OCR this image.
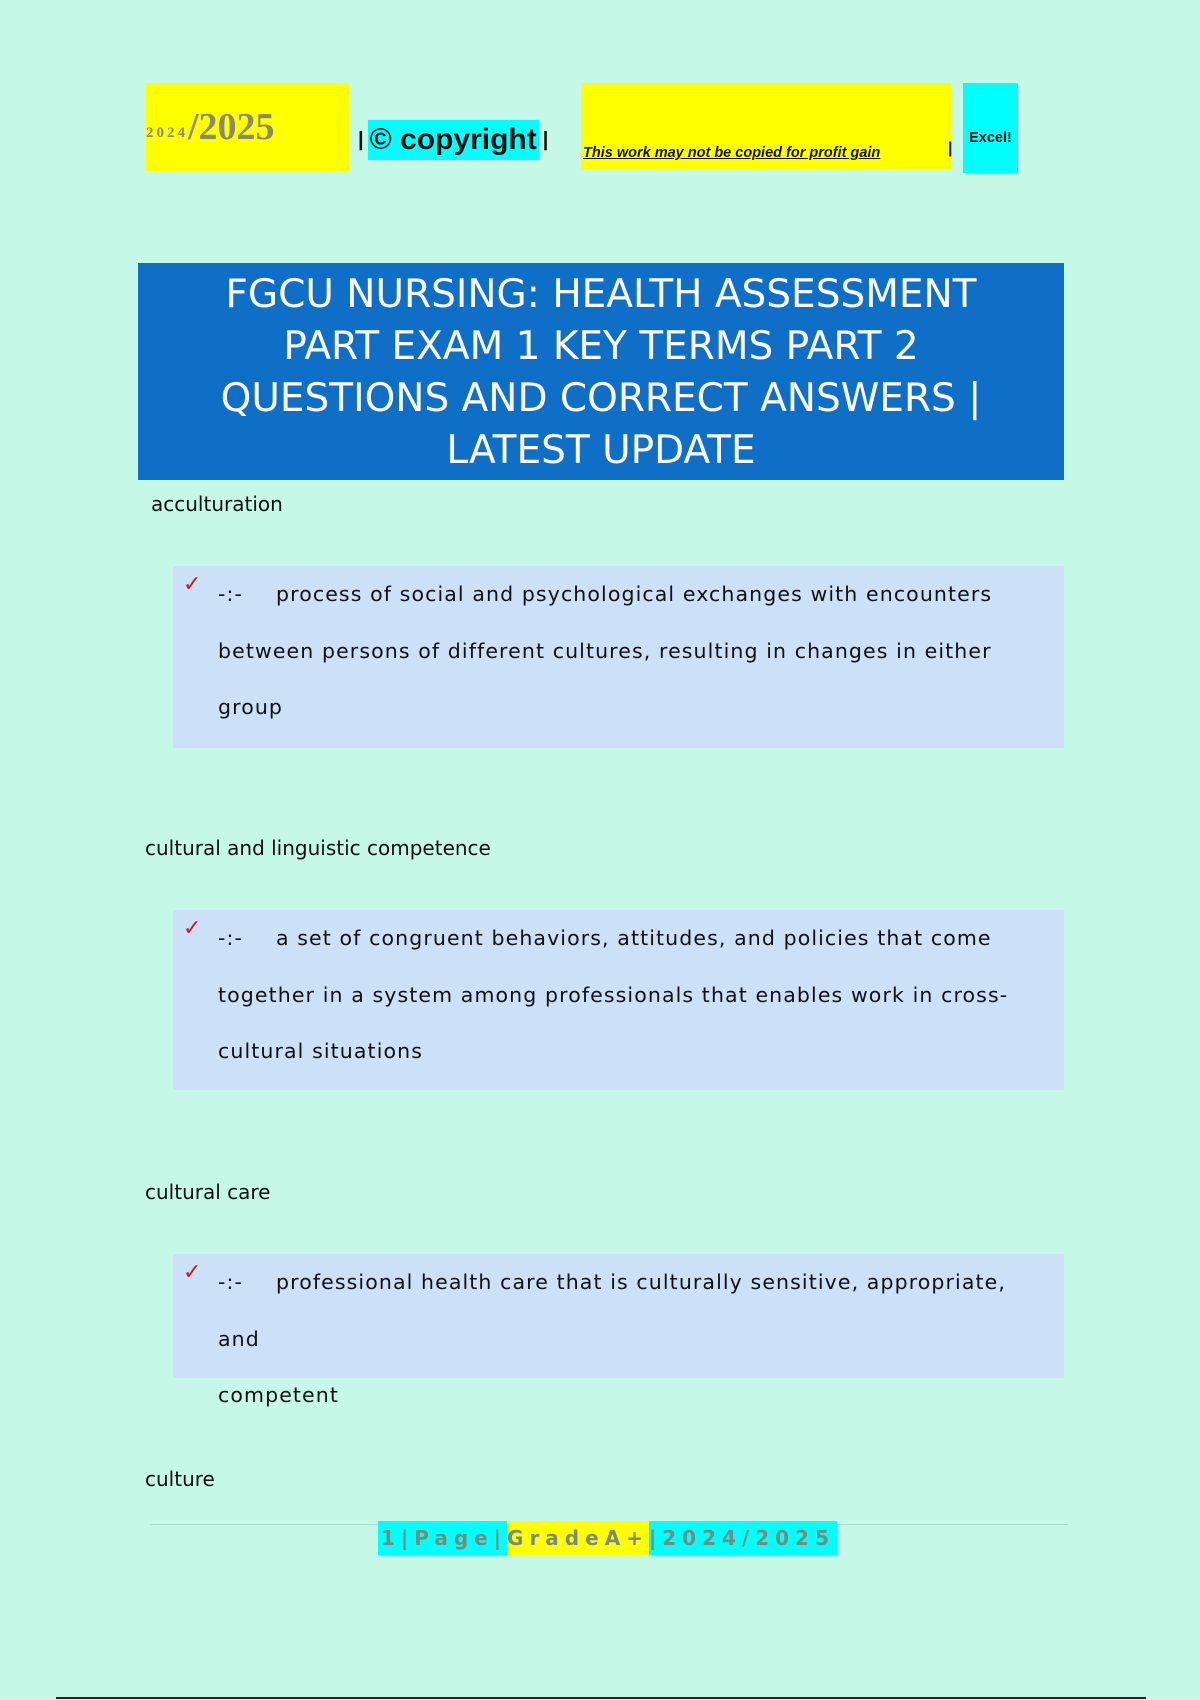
2024 /2025	| © copyright |
This work may not be copied for profit gain	|
Excel!
FGCU NURSING: HEALTH ASSESSMENT
PART EXAM 1 KEY TERMS PART 2
QUESTIONS AND CORRECT ANSWERS |
LATEST UPDATE
acculturation
✓ -:- process of social and psychological exchanges with encounters
between persons of different cultures, resulting in changes in either
group
cultural and linguistic competence
✓ -:- a set of congruent behaviors, attitudes, and policies that come
together in a system among professionals that enables work in cross-
cultural situations
cultural care
✓ -:- professional health care that is culturally sensitive, appropriate, and
competent
culture
1|Page| GradeA+ |2024/2025
